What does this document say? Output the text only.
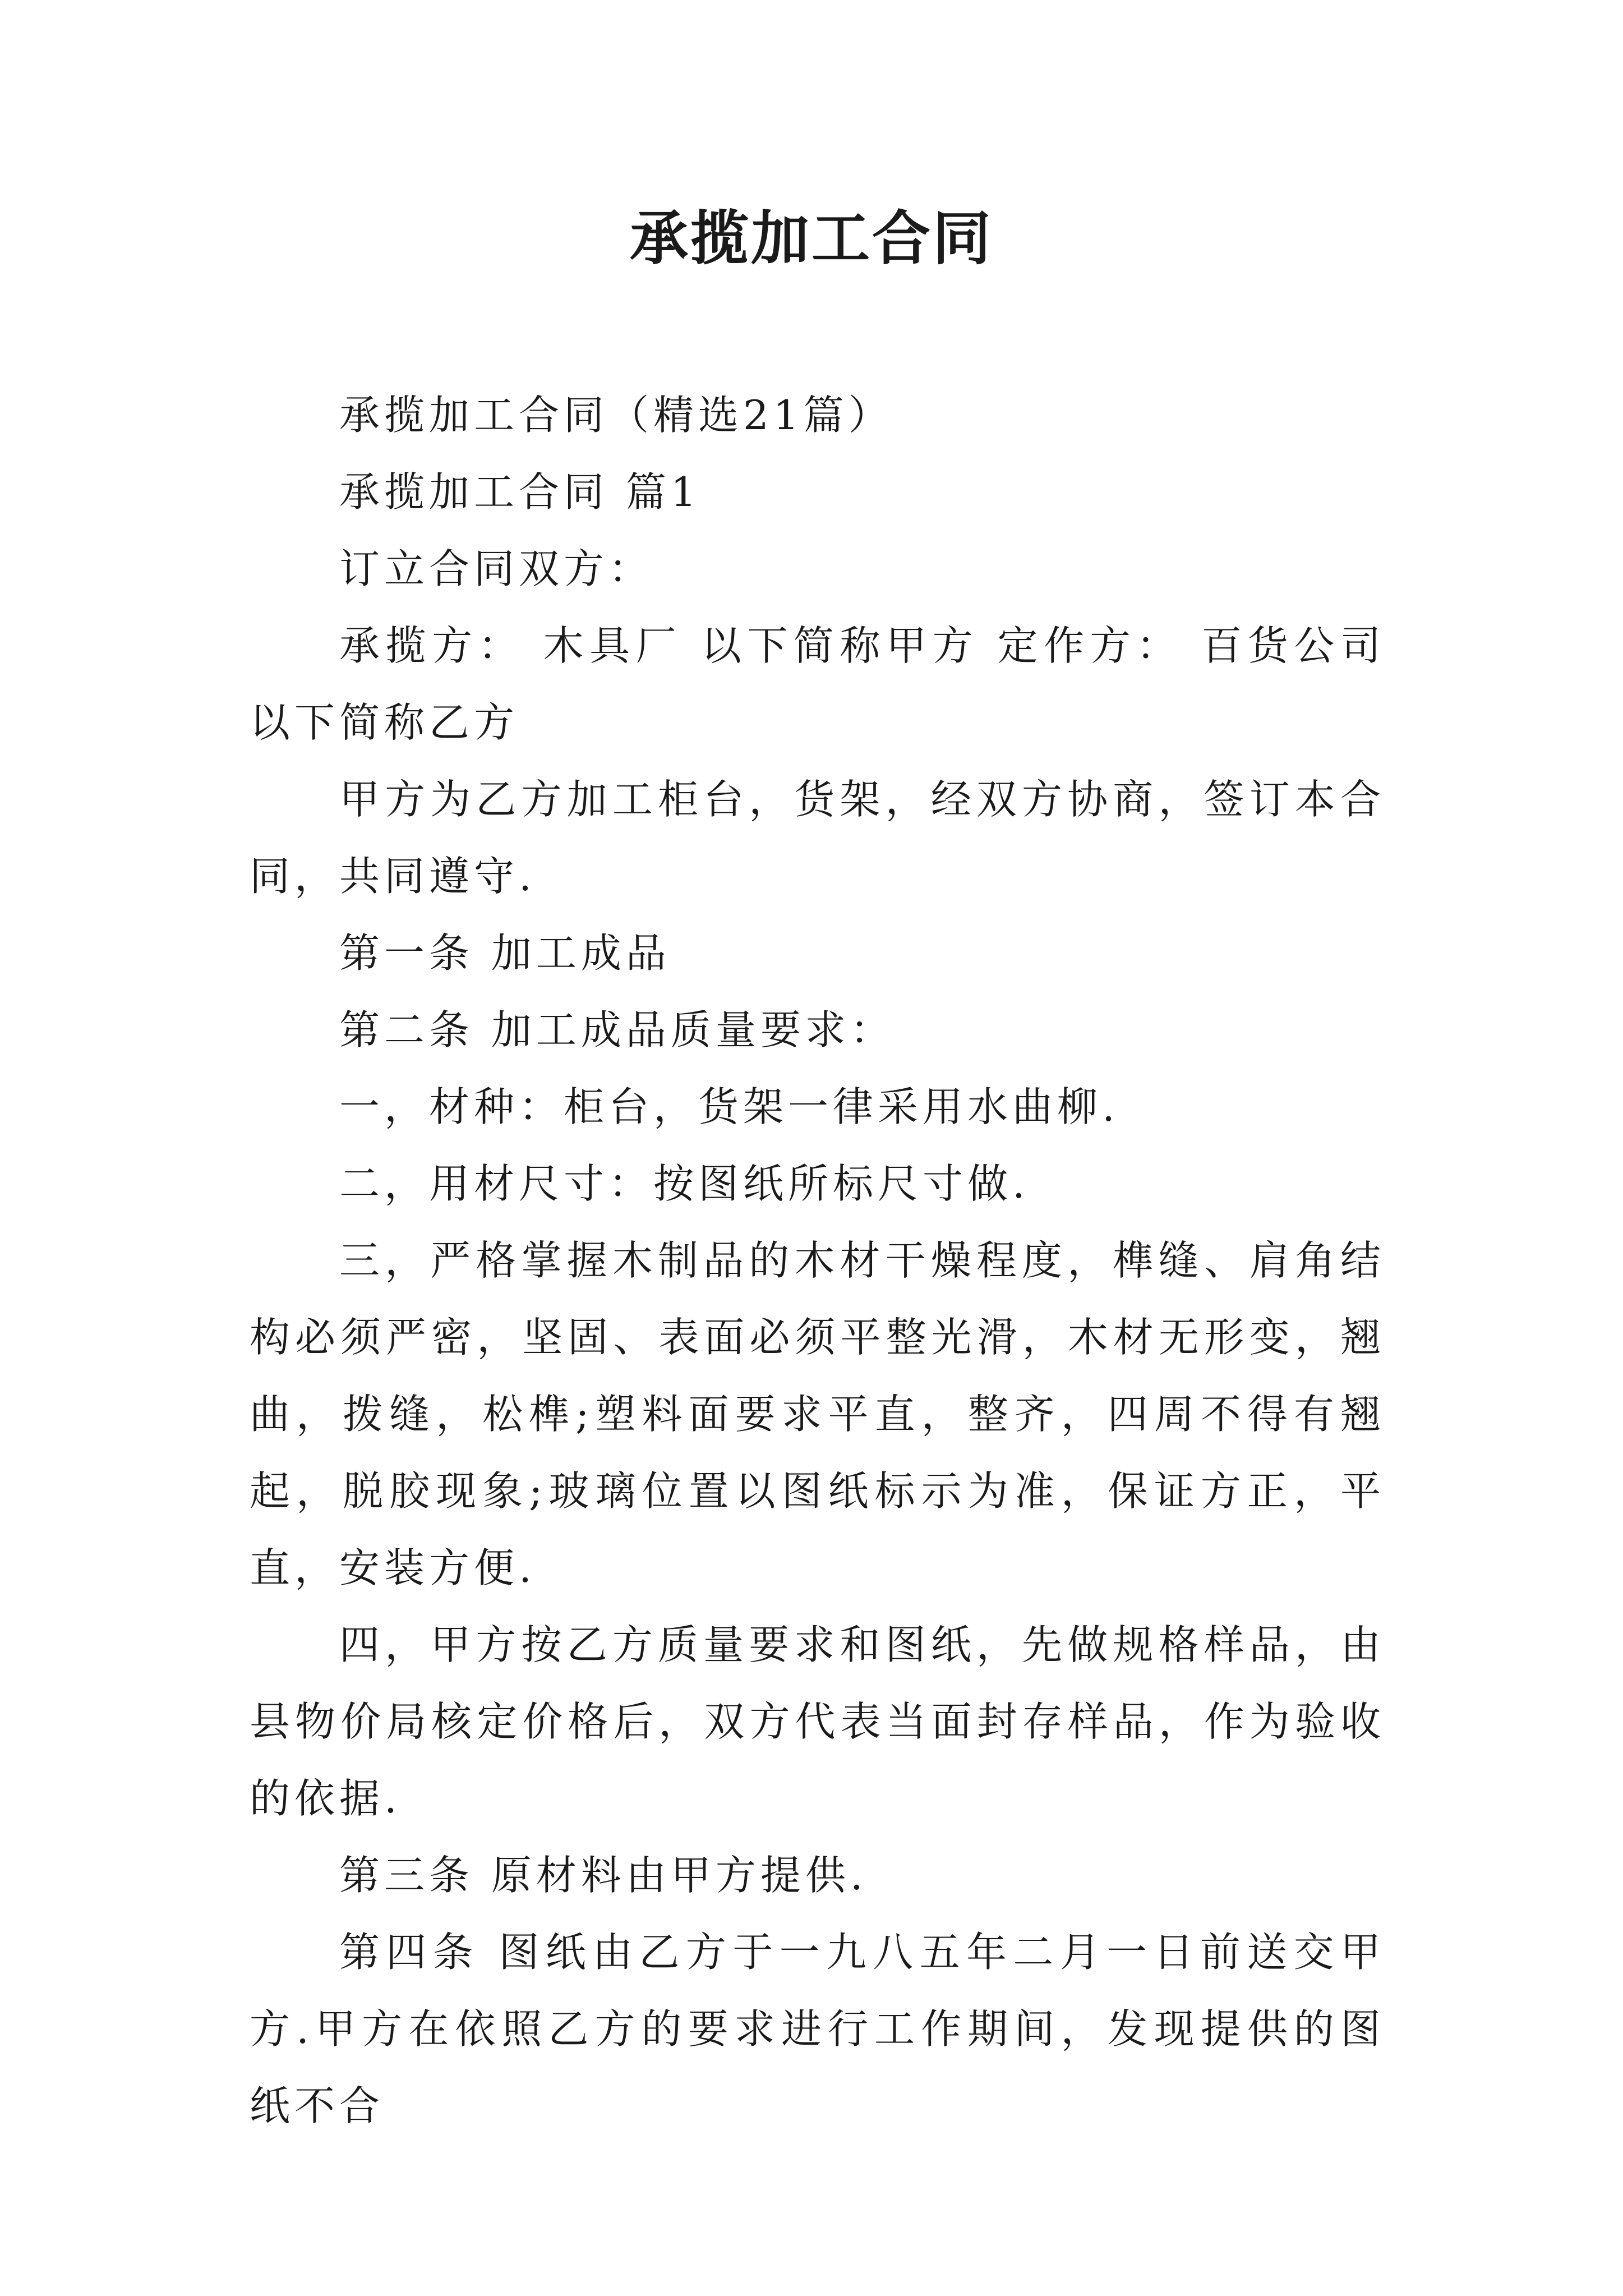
承揽加工合同

承揽加工合同（精选21篇）

承揽加工合同 篇1

订立合同双方：

承揽方： 木具厂 以下简称甲方 定作方： 百货公司以下简称乙方

甲方为乙方加工柜台，货架，经双方协商，签订本合同，共同遵守.

第一条 加工成品

第二条 加工成品质量要求：

一，材种：柜台，货架一律采用水曲柳.

二，用材尺寸：按图纸所标尺寸做.

三，严格掌握木制品的木材干燥程度，榫缝、肩角结构必须严密，坚固、表面必须平整光滑，木材无形变，翘曲，拨缝，松榫;塑料面要求平直，整齐，四周不得有翘起，脱胶现象;玻璃位置以图纸标示为准，保证方正，平直，安装方便.

四，甲方按乙方质量要求和图纸，先做规格样品，由县物价局核定价格后，双方代表当面封存样品，作为验收的依据.

第三条 原材料由甲方提供.

第四条 图纸由乙方于一九八五年二月一日前送交甲方.甲方在依照乙方的要求进行工作期间，发现提供的图纸不合
